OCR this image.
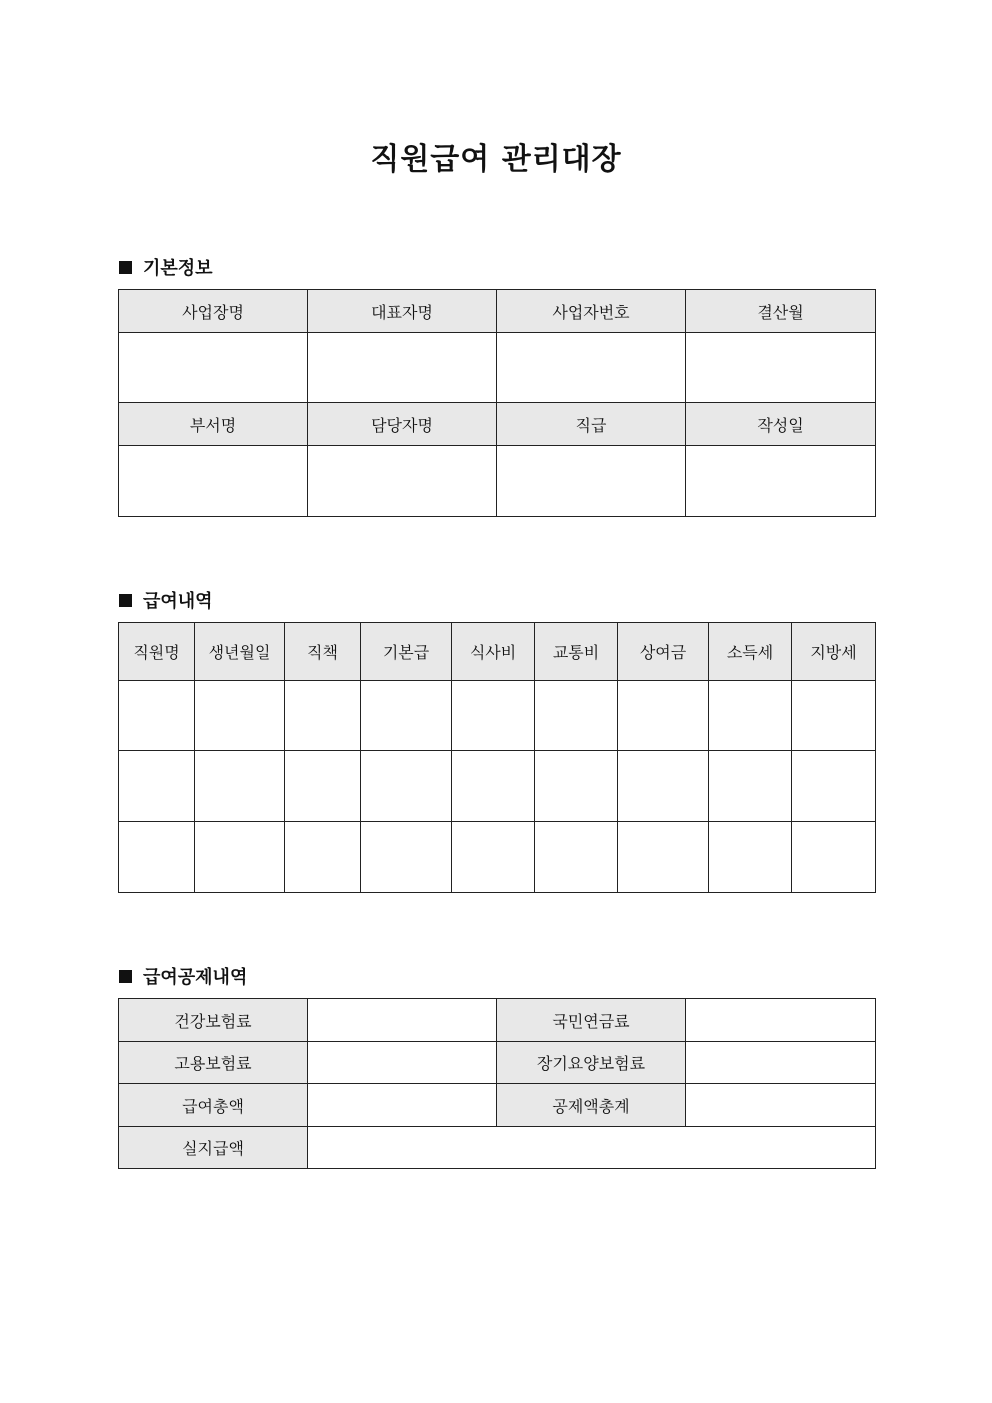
직원급여 관리대장
기본정보
사업장명	대표자명	사업자번호	결산월

부서명	담당자명	직급	작성일

급여내역
직원명	생년월일	직책	기본급	식사비	교통비	상여금	소득세	지방세

급여공제내역
건강보험료		국민연금료	
고용보험료		장기요양보험료	
급여총액		공제액총계	
실지급액			
